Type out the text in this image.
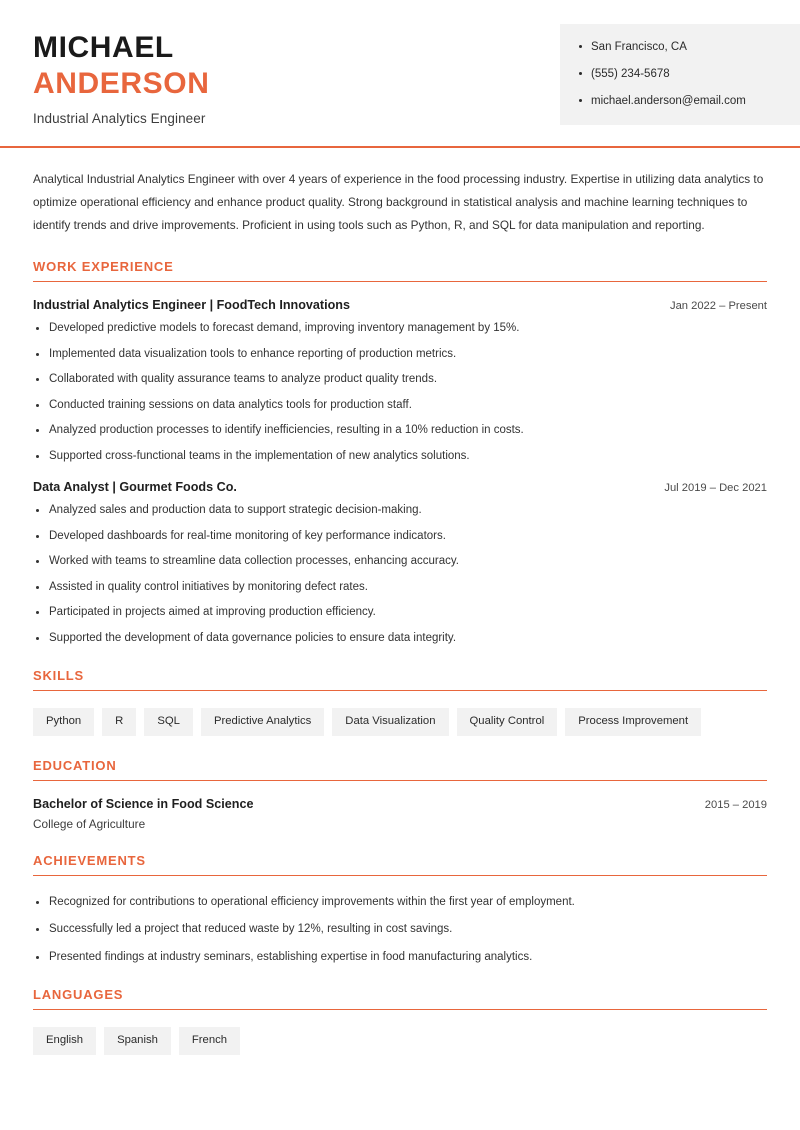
MICHAEL
ANDERSON
Industrial Analytics Engineer
San Francisco, CA
(555) 234-5678
michael.anderson@email.com
Analytical Industrial Analytics Engineer with over 4 years of experience in the food processing industry. Expertise in utilizing data analytics to optimize operational efficiency and enhance product quality. Strong background in statistical analysis and machine learning techniques to identify trends and drive improvements. Proficient in using tools such as Python, R, and SQL for data manipulation and reporting.
WORK EXPERIENCE
Industrial Analytics Engineer | FoodTech Innovations	Jan 2022 – Present
Developed predictive models to forecast demand, improving inventory management by 15%.
Implemented data visualization tools to enhance reporting of production metrics.
Collaborated with quality assurance teams to analyze product quality trends.
Conducted training sessions on data analytics tools for production staff.
Analyzed production processes to identify inefficiencies, resulting in a 10% reduction in costs.
Supported cross-functional teams in the implementation of new analytics solutions.
Data Analyst | Gourmet Foods Co.	Jul 2019 – Dec 2021
Analyzed sales and production data to support strategic decision-making.
Developed dashboards for real-time monitoring of key performance indicators.
Worked with teams to streamline data collection processes, enhancing accuracy.
Assisted in quality control initiatives by monitoring defect rates.
Participated in projects aimed at improving production efficiency.
Supported the development of data governance policies to ensure data integrity.
SKILLS
Python	R	SQL	Predictive Analytics	Data Visualization	Quality Control	Process Improvement
EDUCATION
Bachelor of Science in Food Science	2015 – 2019
College of Agriculture
ACHIEVEMENTS
Recognized for contributions to operational efficiency improvements within the first year of employment.
Successfully led a project that reduced waste by 12%, resulting in cost savings.
Presented findings at industry seminars, establishing expertise in food manufacturing analytics.
LANGUAGES
English	Spanish	French
